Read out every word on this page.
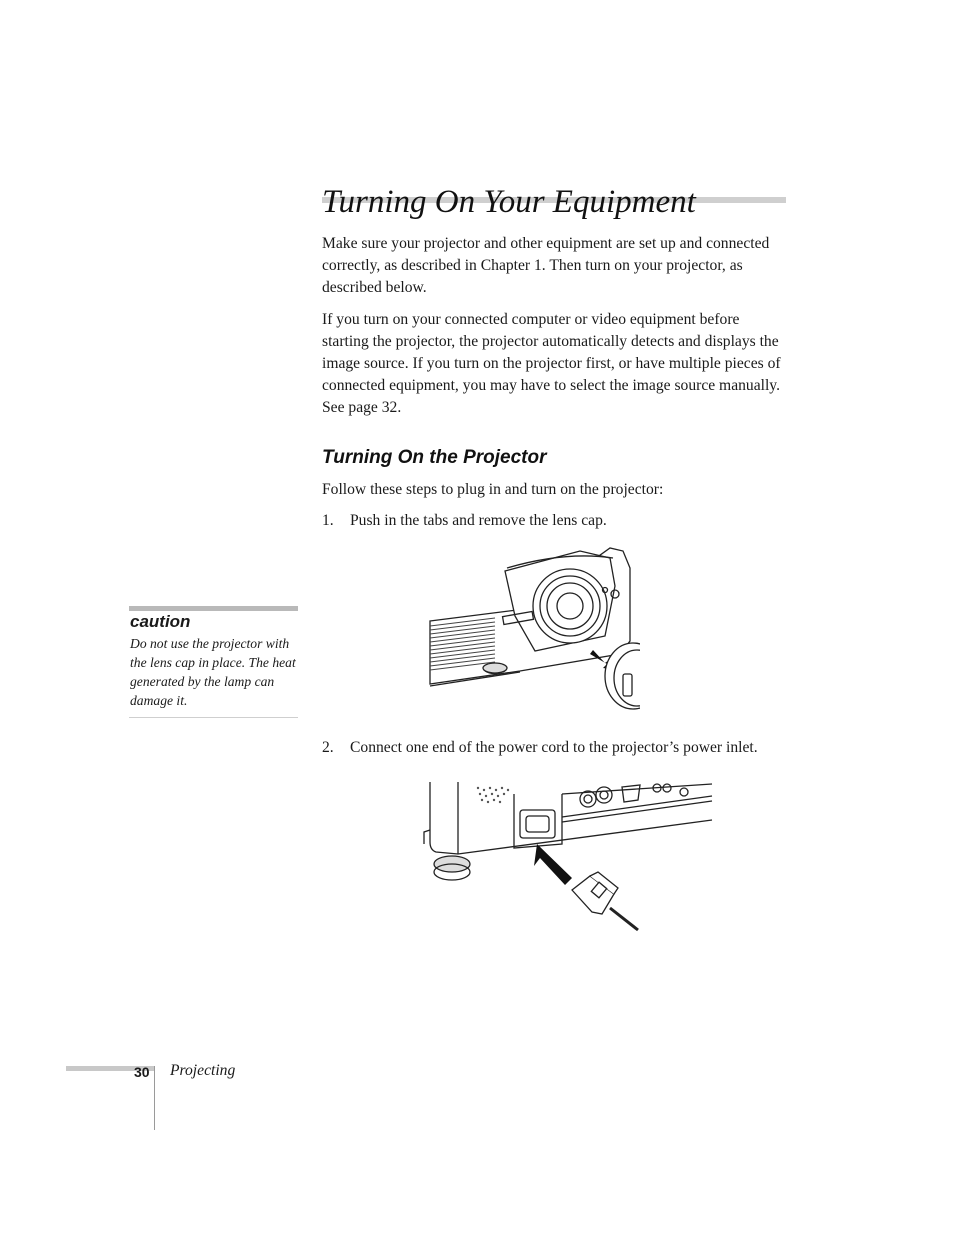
Turning On Your Equipment

Make sure your projector and other equipment are set up and connected correctly, as described in Chapter 1. Then turn on your projector, as described below.

If you turn on your connected computer or video equipment before starting the projector, the projector automatically detects and displays the image source. If you turn on the projector first, or have multiple pieces of connected equipment, you may have to select the image source manually. See page 32.

Turning On the Projector

Follow these steps to plug in and turn on the projector:

1. Push in the tabs and remove the lens cap.

caution

Do not use the projector with the lens cap in place. The heat generated by the lamp can damage it.

2. Connect one end of the power cord to the projector’s power inlet.

30 Projecting
